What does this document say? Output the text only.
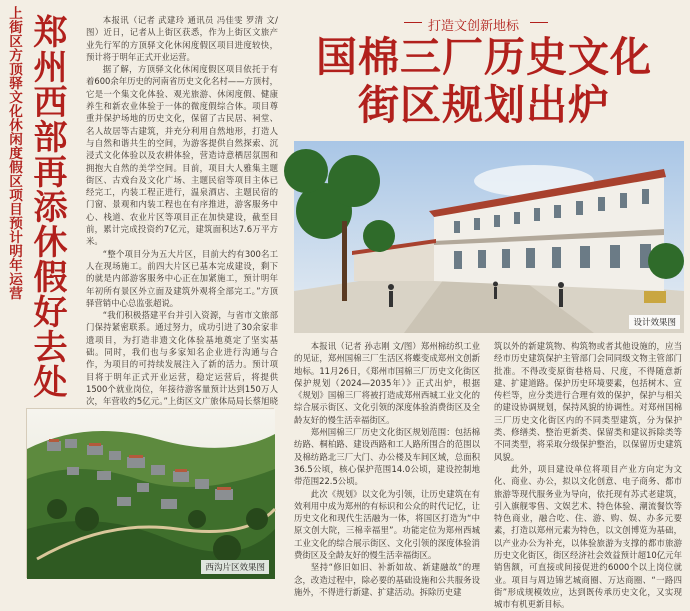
上街区方顶驿文化休闲度假区项目预计明年运营 郑州西部再添休假好去处	本报讯（记者 武建玲 通讯员 冯佳雯 罗清 文/图）近日，记者从上街区获悉，作为上街区文旅产业先行军的方顶驿文化休闲度假区项目进度较快，预计将于明年正式开业运营。

据了解，方顶驿文化休闲度假区项目依托于有着600余年历史的河南省历史文化名村——方顶村，它是一个集文化体验、观光旅游、休闲度假、健康养生和新农业体验于一体的微度假综合体。项目尊重并保护场地的历史文化，保留了古民居、祠堂、名人故居等古建筑，并充分利用自然地形，打造人与自然和谐共生的空间，为游客提供自然探索、沉浸式文化体验以及农耕体验，营造诗意栖居氛围和拥抱大自然的美学空间。目前，项目大人雅集主题街区、古戏台及文化广场、主题民宿等项目主体已经完工，内装工程正进行，温泉酒店、主题民宿的门窗、景观和内装工程也在有序推进，游客服务中心、栈道、农业片区等项目正在加快建设，截至目前，累计完成投资约7亿元，建筑面积达7.6万平方米。

“整个项目分为五大片区，目前大约有300名工人在现场施工。前四大片区已基本完成建设，剩下的就是内部游客服务中心正在加紧施工，预计明年年初所有景区外立面及建筑外观将全部完工。”方顶驿营销中心总监张超说。

“我们积极搭建平台并引入资源，与省市文旅部门保持紧密联系。通过努力，成功引进了30余家非遗项目，为打造非遗文化体验基地奠定了坚实基础。同时，我们也与多家知名企业进行沟通与合作，为项目的可持续发展注入了新的活力。预计项目将于明年正式开业运营，稳定运营后，将提供1500个就业岗位，年接待游客量预计达到150万人次，年营收约5亿元。”上街区文广旅体局局长蔡旭晓

西沟片区效果图
打造文创新地标
国棉三厂历史文化
街区规划出炉
设计效果图

本报讯（记者 孙志刚 文/图）郑州棉纺织工业的见证，郑州国棉三厂生活区将蝶变成郑州文创新地标。11月26日，《郑州市国棉三厂历史文化街区保护规划（2024—2035年）》正式出炉，根据《规划》国棉三厂将被打造成郑州西城工业文化的综合展示街区、文化引领的深度体验消费街区及全龄友好的慢生活幸福街区。

郑州国棉三厂历史文化街区规划范围：包括棉纺路、桐柏路、建设西路和工人路所围合的范围以及棉纺路北三厂大门、办公楼及车间区域，总面积36.5公顷，核心保护范围14.0公顷，建设控制地带范围22.5公顷。

此次《规划》以文化为引领，让历史建筑在有效利用中成为郑州的有标识和公众的时代记忆，让历史文化和现代生活融为一体，将国区打造为“中原文创大院，三棉幸福里”。功能定位为郑州西城工业文化的综合展示街区、文化引领的深度体验消费街区及全龄友好的慢生活幸福街区。

坚持“修旧如旧、补新如故、新建融故”的理念，改造过程中，除必要的基础设施和公共服务设施外，不得进行新建、扩建活动。拆除历史建

筑以外的新建筑物、构筑物或者其他设施的，应当经市历史建筑保护主管部门会同同级文物主管部门批准。不得改变原街巷格局、尺度，不得随意新建、扩建道路。保护历史环境要素，包括树木、宣传栏等，应分类进行合理有效的保护，保护与相关的建设协调规划，保持风貌的协调性。对郑州国棉三厂历史文化街区内的不同类型建筑，分为保护类、修缮类、整治更新类、保留类和建议拆除类等不同类型，将采取分级保护整治，以保留历史建筑风貌。

此外，项目建设单位将项目产业方向定为文化、商业、办公，拟以文化创意、电子商务、都市旅游等现代服务业为导向，依托现有苏式老建筑，引入旗舰零售、文娱艺术、特色体验、潮流餐饮等特色商业，融合吃、住、游、购、娱、办多元要素，打造以郑州元素为特色，以文创博览为基础，以产业办公为补充，以体验旅游为支撑的都市旅游历史文化街区，街区经济社会效益预计超10亿元年销售额，可直接或间接促进约6000个以上岗位就业。项目与周边锦艺城商圈、万达商圈、“一路四街”形成规模效应，达到既传承历史文化，又实现城市有机更新目标。
